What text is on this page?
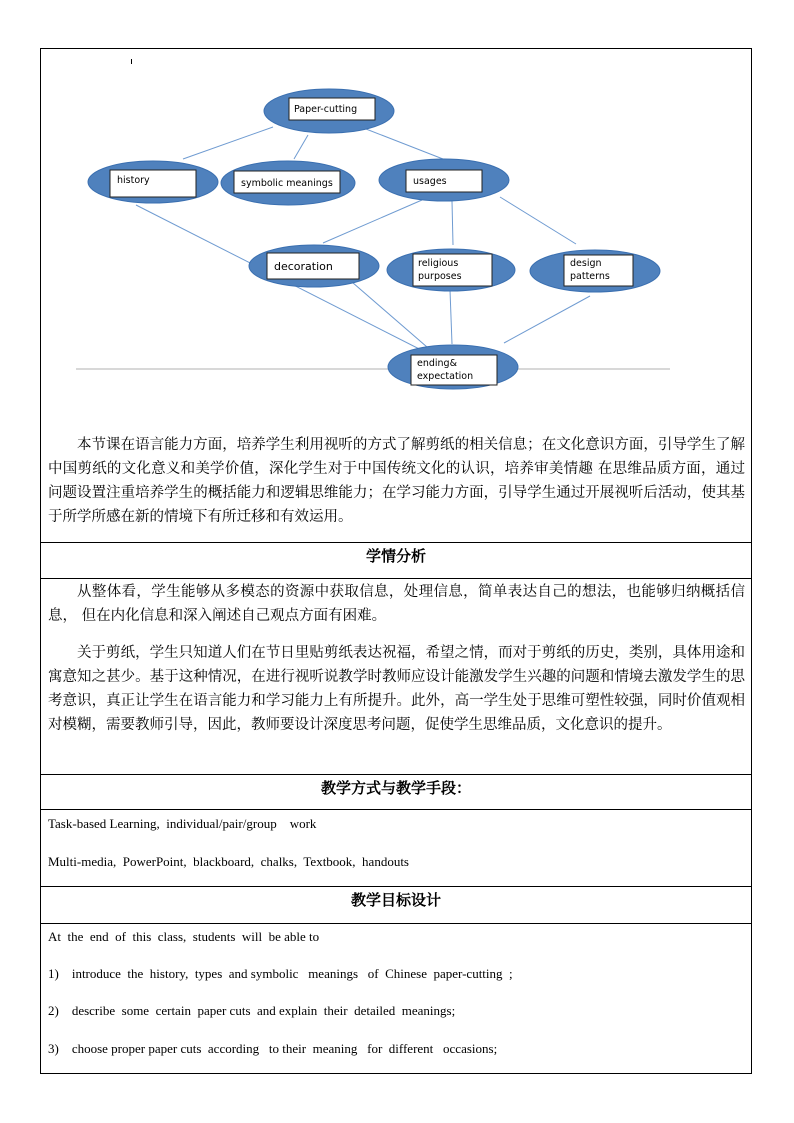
Paper-cutting
history	symbolic meanings	usages
decoration	religious
purposes
design
patterns
ending&
expectation

本节课在语言能力方面，培养学生利用视听的方式了解剪纸的相关信息；在文化意识方面，引导学生了解中国剪纸的文化意义和美学价值，深化学生对于中国传统文化的认识，培养审美情趣 在思维品质方面，通过问题设置注重培养学生的概括能力和逻辑思维能力；在学习能力方面，引导学生通过开展视听后活动，使其基于所学所感在新的情境下有所迁移和有效运用。

学情分析

从整体看，学生能够从多模态的资源中获取信息，处理信息，简单表达自己的想法，也能够归纳概括信息， 但在内化信息和深入阐述自己观点方面有困难。

关于剪纸，学生只知道人们在节日里贴剪纸表达祝福，希望之情，而对于剪纸的历史，类别，具体用途和寓意知之甚少。基于这种情况，在进行视听说教学时教师应设计能激发学生兴趣的问题和情境去激发学生的思考意识，真正让学生在语言能力和学习能力上有所提升。此外，高一学生处于思维可塑性较强，同时价值观相对模糊，需要教师引导，因此，教师要设计深度思考问题，促使学生思维品质，文化意识的提升。

教学方式与教学手段：
Task-based Learning,  individual/pair/group    work
Multi-media,  PowerPoint,  blackboard,  chalks,  Textbook,  handouts
教学目标设计
At  the  end  of  this  class,  students  will  be able to
1)    introduce  the  history,  types  and symbolic   meanings   of  Chinese  paper-cutting  ;
2)    describe  some  certain  paper cuts  and explain  their  detailed  meanings;
3)    choose proper paper cuts  according   to their  meaning   for  different   occasions;
